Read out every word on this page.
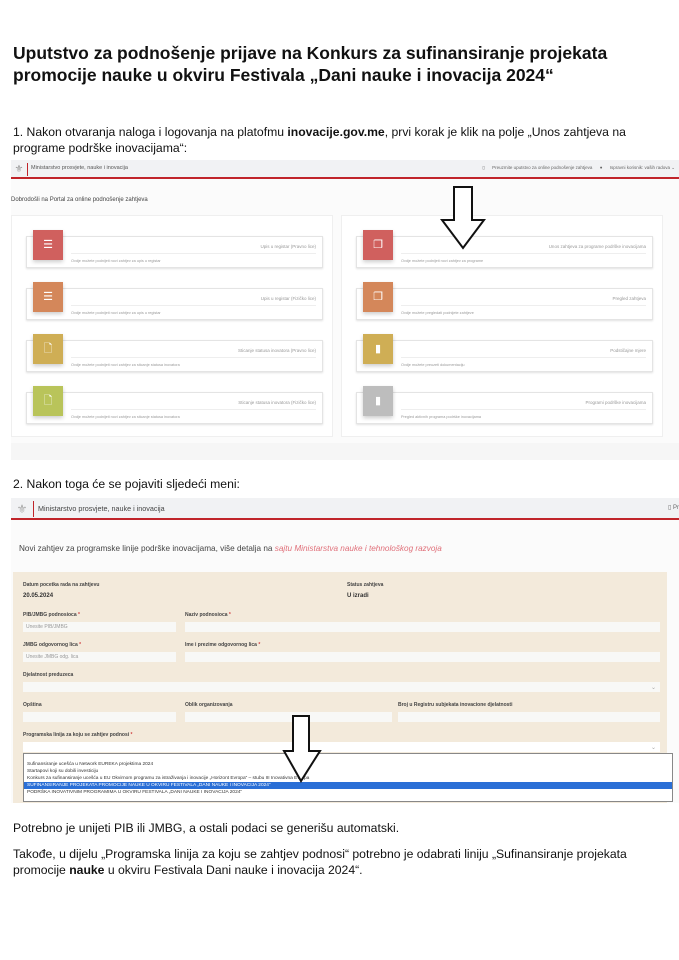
Uputstvo za podnošenje prijave na Konkurs za sufinansiranje projekata
promocije nauke u okviru Festivala „Dani nauke i inovacija 2024“
1. Nakon otvaranja naloga i logovanja na platofmu inovacije.gov.me, prvi korak je klik na polje „Unos zahtjeva na programe podrške inovacijama“:
⚜ Ministarstvo prosvjete, nauke i inovacija	▯ Preuzmite uputstvo za online podnošenje zahtjeva ● Ispravni korisnik: vaših radova ⌄
Dobrodošli na Portal za online podnošenje zahtjeva
☰	Upis u registar (Pravno lice)
Ovdje možete podnijeti novi zahtjev za upis u registar
☰	Upis u registar (Fizičko lice)
Ovdje možete podnijeti novi zahtjev za upis u registar
🗋	Sticanje statusa inovatora (Pravno lice)
Ovdje možete podnijeti novi zahtjev za sticanje statusa inovatora
🗋	Sticanje statusa inovatora (Fizičko lice)
Ovdje možete podnijeti novi zahtjev za sticanje statusa inovatora
❐	Unos zahtjeva za programe podrške inovacijama
Ovdje možete podnijeti novi zahtjev za programe
❐	Pregled zahtjeva
Ovdje možete pregledati podnijete zahtjeve
▮	Podstičajne mjere
Ovdje možete preuzeti dokumentaciju
▮	Programi podrške inovacijama
Pregled aktivnih programa podrške inovacijama
2. Nakon toga će se pojaviti sljedeći meni:
⚜ Ministarstvo prosvjete, nauke i inovacija	▯ Pr
Novi zahtjev za programske linije podrške inovacijama, više detalja na sajtu Ministarstva nauke i tehnološkog razvoja
Datum pocetka rada na zahtjevu
20.05.2024
Status zahtjeva
U izradi
PIB/JMBG podnosioca *
Unesite PIB/JMBG
Naziv podnosioca *
JMBG odgovornog lica *
Unesite JMBG odg. lica
Ime i prezime odgovornog lica *
Djelatnost preduzeca
⌄
Opština	Oblik organizovanja	Broj u Registru subjekata inovacione djelatnosti
Programska linija za koju se zahtjev podnosi *
⌄
Sufinansiranje ucešća u Network EUREKA projektima 2024
Startapovi koji su dobili investiciju
Konkurs za sufinansiranje ucešća u EU Okvirnom programu za istraživanja i inovacije „Horizont Evropa“ – stubu III Inovativna Evropa
SUFINANSIRANJE PROJEKATA PROMOCIJE NAUKE U OKVIRU FESTIVALA „DANI NAUKE I INOVACIJA 2024“
PODRŠKA INOVATIVNIM PROGRAMIMA U OKVIRU FESTIVALA „DANI NAUKE I INOVACIJA 2024“
Potrebno je unijeti PIB ili JMBG, a ostali podaci se generišu automatski.
Takođe, u dijelu „Programska linija za koju se zahtjev podnosi“ potrebno je odabrati liniju „Sufinansiranje projekata promocije nauke u okviru Festivala Dani nauke i inovacija 2024“.
